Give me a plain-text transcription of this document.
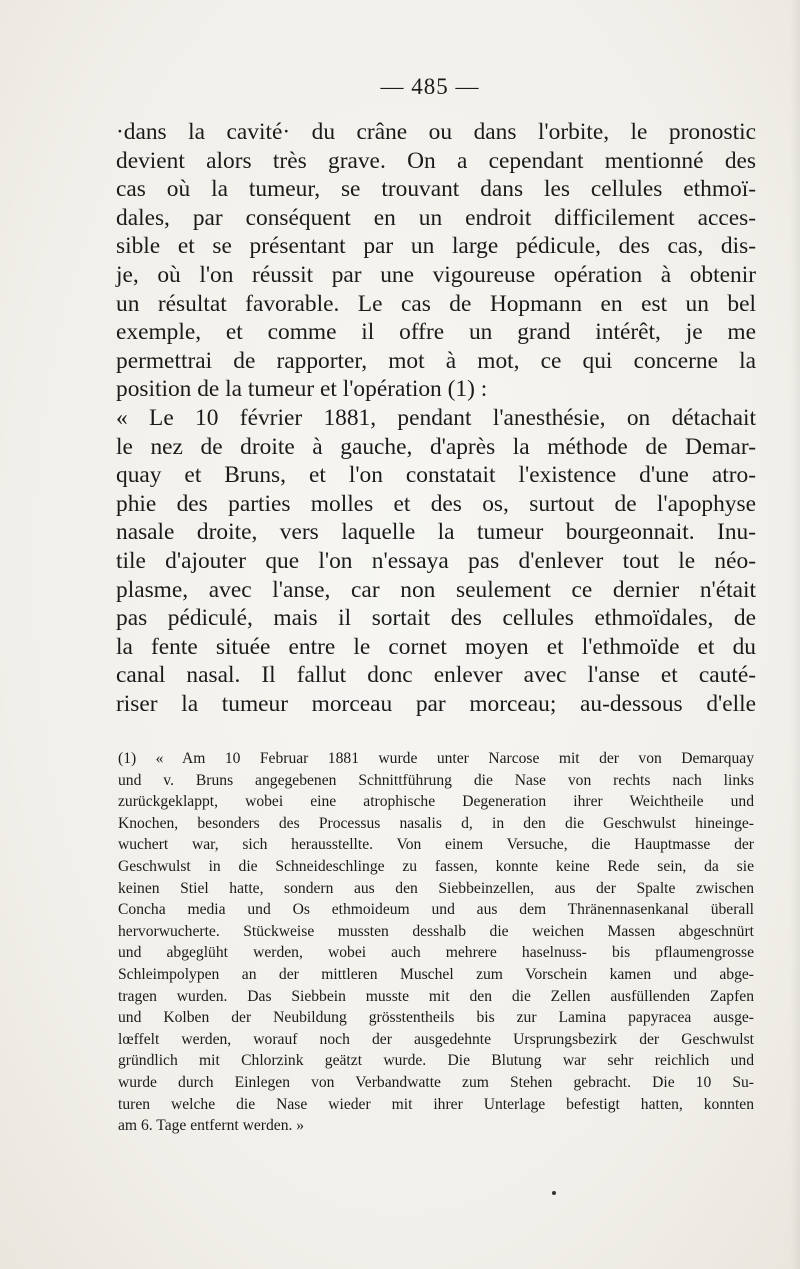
— 485 —
·dans la cavité· du crâne ou dans l'orbite, le pronostic
devient alors très grave. On a cependant mentionné des
cas où la tumeur, se trouvant dans les cellules ethmoï-
dales, par conséquent en un endroit difficilement acces-
sible et se présentant par un large pédicule, des cas, dis-
je, où l'on réussit par une vigoureuse opération à obtenir
un résultat favorable. Le cas de Hopmann en est un bel
exemple, et comme il offre un grand intérêt, je me
permettrai de rapporter, mot à mot, ce qui concerne la
position de la tumeur et l'opération (1) :
« Le 10 février 1881, pendant l'anesthésie, on détachait
le nez de droite à gauche, d'après la méthode de Demar-
quay et Bruns, et l'on constatait l'existence d'une atro-
phie des parties molles et des os, surtout de l'apophyse
nasale droite, vers laquelle la tumeur bourgeonnait. Inu-
tile d'ajouter que l'on n'essaya pas d'enlever tout le néo-
plasme, avec l'anse, car non seulement ce dernier n'était
pas pédiculé, mais il sortait des cellules ethmoïdales, de
la fente située entre le cornet moyen et l'ethmoïde et du
canal nasal. Il fallut donc enlever avec l'anse et cauté-
riser la tumeur morceau par morceau; au-dessous d'elle
(1) « Am 10 Februar 1881 wurde unter Narcose mit der von Demarquay
und v. Bruns angegebenen Schnittführung die Nase von rechts nach links
zurückgeklappt, wobei eine atrophische Degeneration ihrer Weichtheile und
Knochen, besonders des Processus nasalis d, in den die Geschwulst hineinge-
wuchert war, sich herausstellte. Von einem Versuche, die Hauptmasse der
Geschwulst in die Schneideschlinge zu fassen, konnte keine Rede sein, da sie
keinen Stiel hatte, sondern aus den Siebbeinzellen, aus der Spalte zwischen
Concha media und Os ethmoideum und aus dem Thränennasenkanal überall
hervorwucherte. Stückweise mussten desshalb die weichen Massen abgeschnürt
und abgeglüht werden, wobei auch mehrere haselnuss- bis pflaumengrosse
Schleimpolypen an der mittleren Muschel zum Vorschein kamen und abge-
tragen wurden. Das Siebbein musste mit den die Zellen ausfüllenden Zapfen
und Kolben der Neubildung grösstentheils bis zur Lamina papyracea ausge-
lœffelt werden, worauf noch der ausgedehnte Ursprungsbezirk der Geschwulst
gründlich mit Chlorzink geätzt wurde. Die Blutung war sehr reichlich und
wurde durch Einlegen von Verbandwatte zum Stehen gebracht. Die 10 Su-
turen welche die Nase wieder mit ihrer Unterlage befestigt hatten, konnten
am 6. Tage entfernt werden. »
